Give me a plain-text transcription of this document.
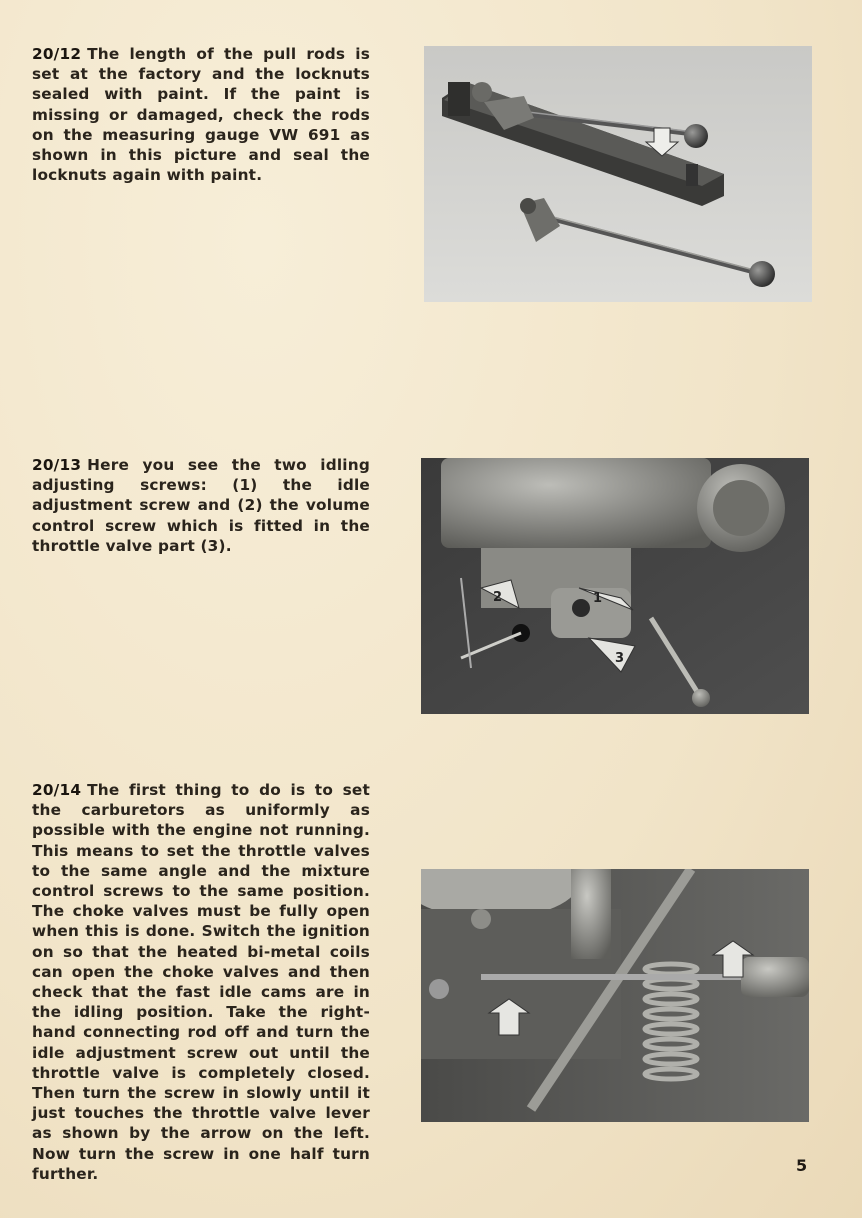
20/12 The length of the pull rods is set at the factory and the locknuts sealed with paint. If the paint is missing or damaged, check the rods on the measuring gauge VW 691 as shown in this picture and seal the locknuts again with paint.
20/13 Here you see the two idling adjusting screws: (1) the idle adjustment screw and (2) the volume control screw which is fitted in the throttle valve part (3).
2	1
3
20/14 The first thing to do is to set the carburetors as uniformly as possible with the engine not running. This means to set the throttle valves to the same angle and the mixture control screws to the same position. The choke valves must be fully open when this is done. Switch the ignition on so that the heated bi-metal coils can open the choke valves and then check that the fast idle cams are in the idling position. Take the right-hand connecting rod off and turn the idle adjustment screw out until the throttle valve is completely closed. Then turn the screw in slowly until it just touches the throttle valve lever as shown by the arrow on the left. Now turn the screw in one half turn further.	5
